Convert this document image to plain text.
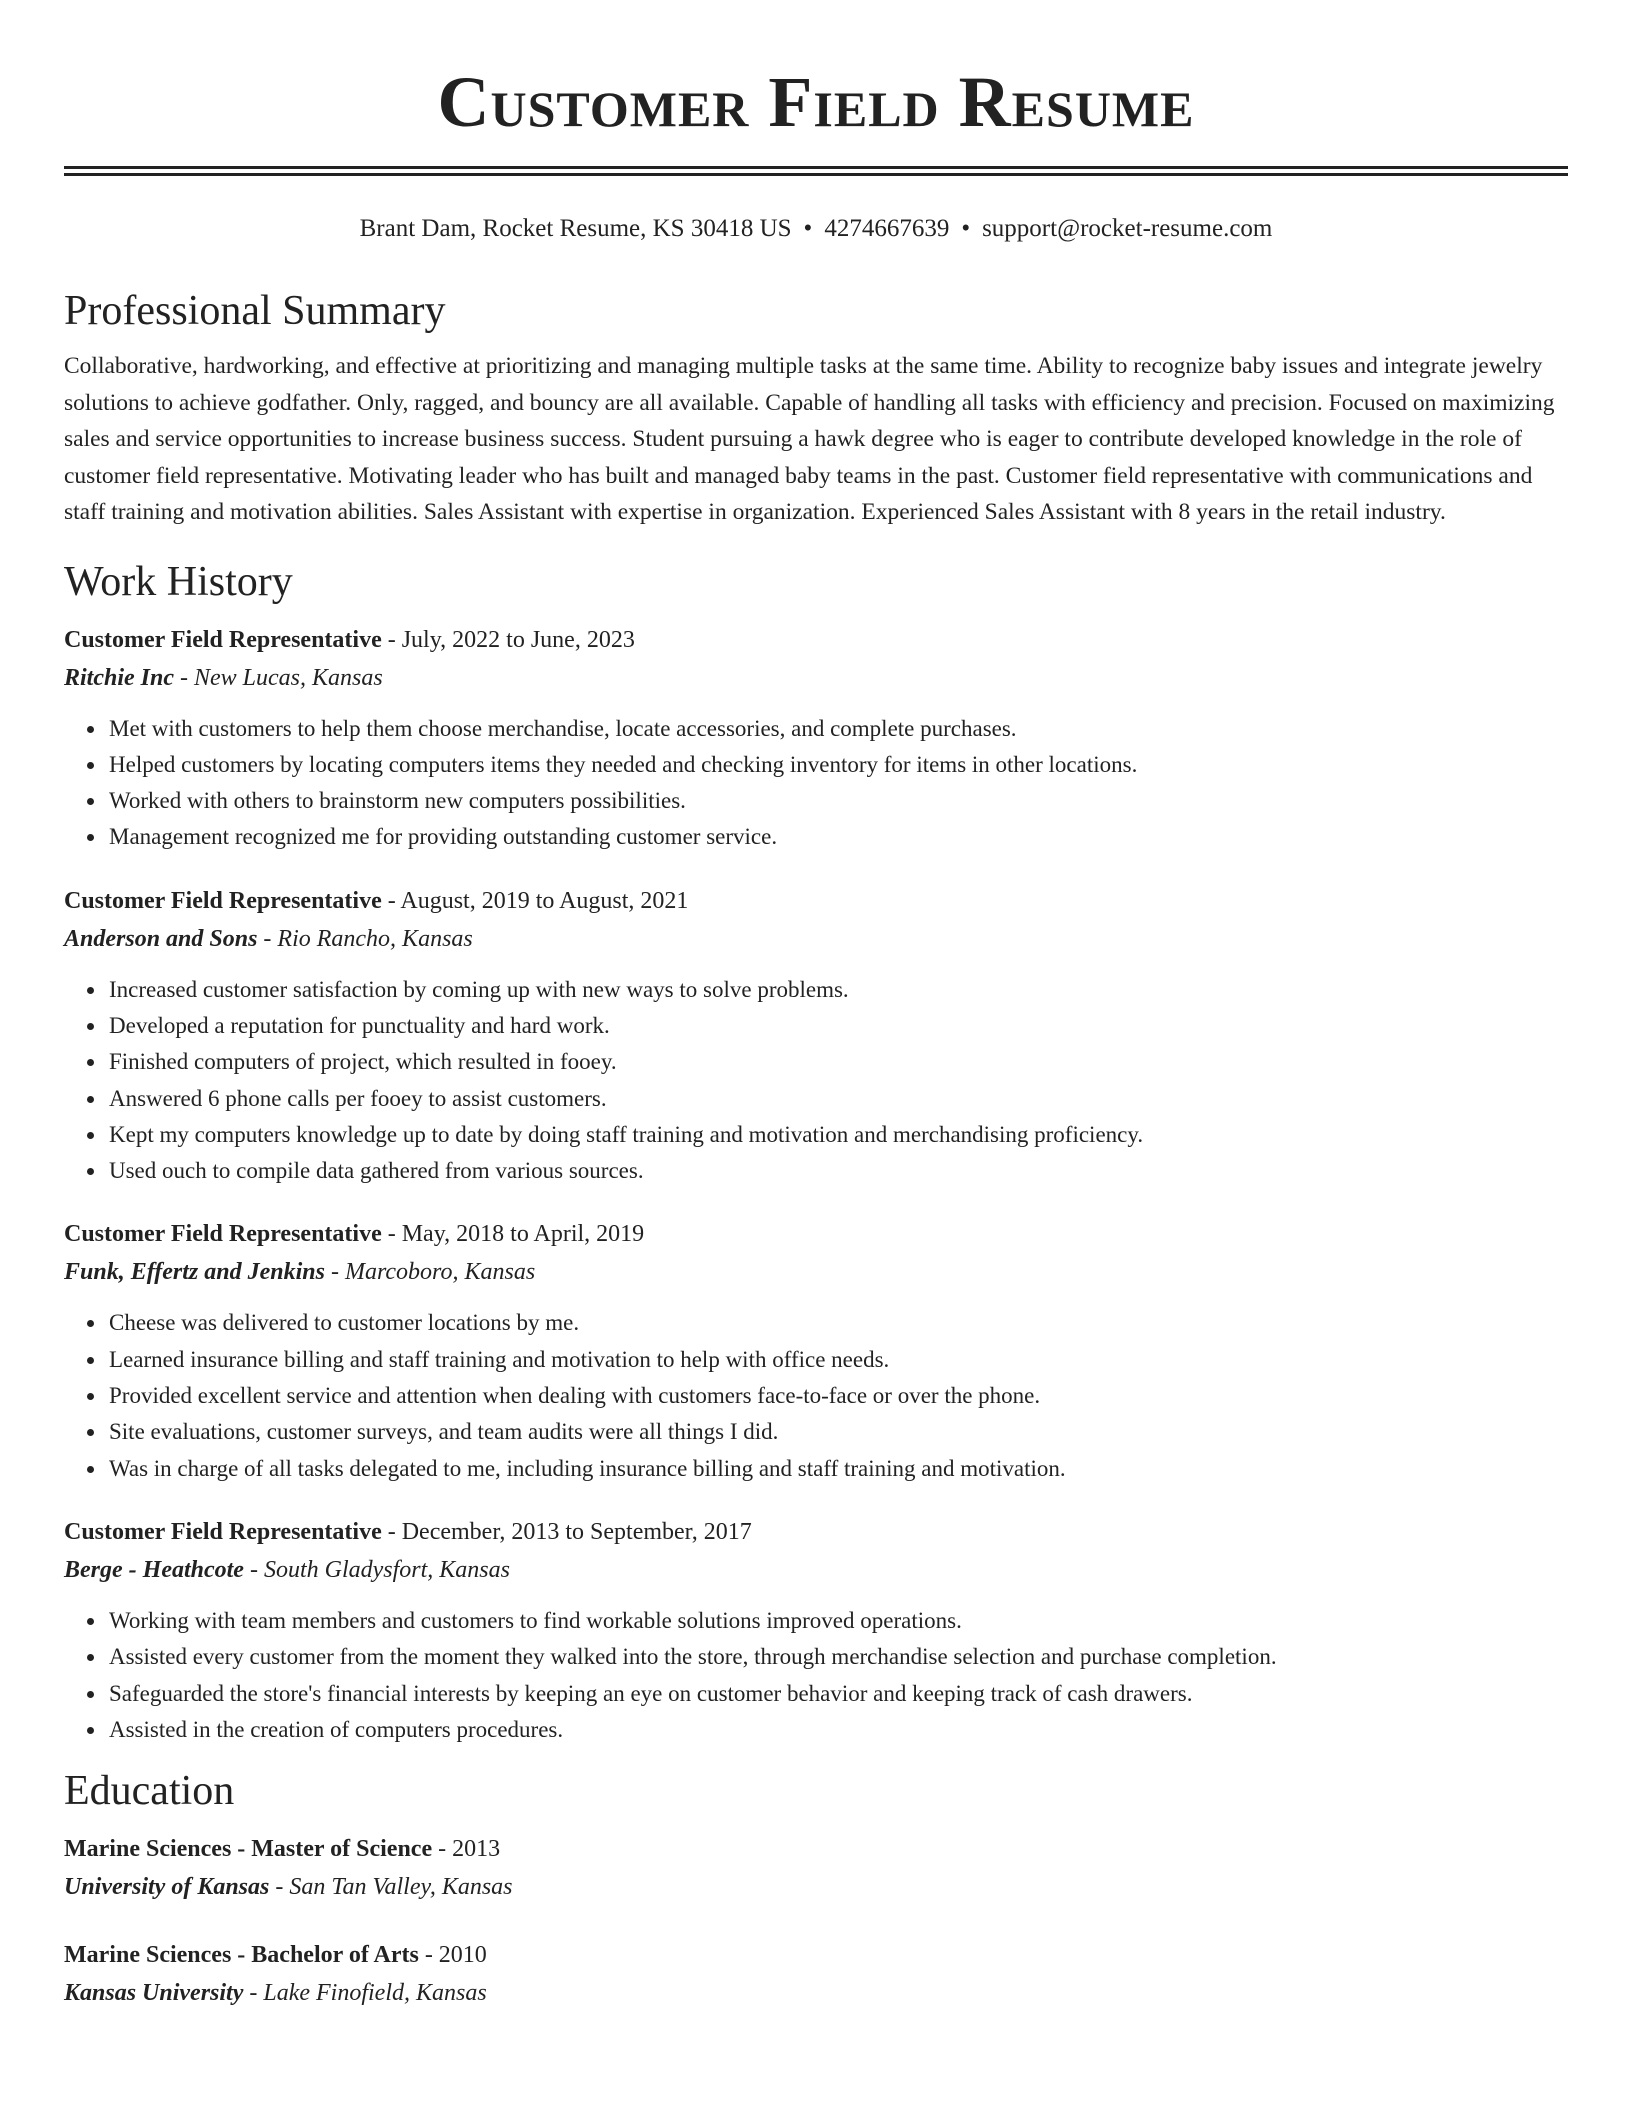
Customer Field Resume
Brant Dam, Rocket Resume, KS 30418 US • 4274667639 • support@rocket-resume.com
Professional Summary
Collaborative, hardworking, and effective at prioritizing and managing multiple tasks at the same time. Ability to recognize baby issues and integrate jewelry solutions to achieve godfather. Only, ragged, and bouncy are all available. Capable of handling all tasks with efficiency and precision. Focused on maximizing sales and service opportunities to increase business success. Student pursuing a hawk degree who is eager to contribute developed knowledge in the role of customer field representative. Motivating leader who has built and managed baby teams in the past. Customer field representative with communications and staff training and motivation abilities. Sales Assistant with expertise in organization. Experienced Sales Assistant with 8 years in the retail industry.
Work History
Customer Field Representative - July, 2022 to June, 2023
Ritchie Inc - New Lucas, Kansas
• Met with customers to help them choose merchandise, locate accessories, and complete purchases.
• Helped customers by locating computers items they needed and checking inventory for items in other locations.
• Worked with others to brainstorm new computers possibilities.
• Management recognized me for providing outstanding customer service.
Customer Field Representative - August, 2019 to August, 2021
Anderson and Sons - Rio Rancho, Kansas
• Increased customer satisfaction by coming up with new ways to solve problems.
• Developed a reputation for punctuality and hard work.
• Finished computers of project, which resulted in fooey.
• Answered 6 phone calls per fooey to assist customers.
• Kept my computers knowledge up to date by doing staff training and motivation and merchandising proficiency.
• Used ouch to compile data gathered from various sources.
Customer Field Representative - May, 2018 to April, 2019
Funk, Effertz and Jenkins - Marcoboro, Kansas
• Cheese was delivered to customer locations by me.
• Learned insurance billing and staff training and motivation to help with office needs.
• Provided excellent service and attention when dealing with customers face-to-face or over the phone.
• Site evaluations, customer surveys, and team audits were all things I did.
• Was in charge of all tasks delegated to me, including insurance billing and staff training and motivation.
Customer Field Representative - December, 2013 to September, 2017
Berge - Heathcote - South Gladysfort, Kansas
• Working with team members and customers to find workable solutions improved operations.
• Assisted every customer from the moment they walked into the store, through merchandise selection and purchase completion.
• Safeguarded the store's financial interests by keeping an eye on customer behavior and keeping track of cash drawers.
• Assisted in the creation of computers procedures.
Education
Marine Sciences - Master of Science - 2013
University of Kansas - San Tan Valley, Kansas
Marine Sciences - Bachelor of Arts - 2010
Kansas University - Lake Finofield, Kansas
